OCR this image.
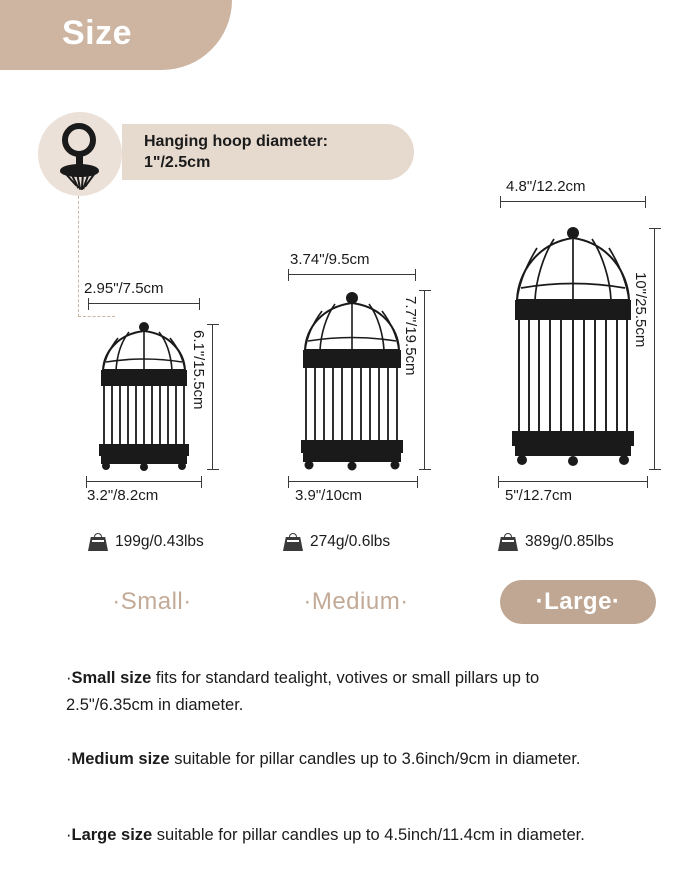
Size
Hanging hoop diameter:
1"/2.5cm
2.95"/7.5cm
6.1"/15.5cm
3.2"/8.2cm
3.74"/9.5cm
7.7"/19.5cm
3.9"/10cm
4.8"/12.2cm
10"/25.5cm
5"/12.7cm
199g/0.43lbs	274g/0.6lbs	389g/0.85lbs
·Small·	·Medium·	·Large·
·Small size fits for standard tealight, votives or small pillars up to 2.5"/6.35cm in diameter.
·Medium size suitable for pillar candles up to 3.6inch/9cm in diameter.
·Large size suitable for pillar candles up to 4.5inch/11.4cm in diameter.
